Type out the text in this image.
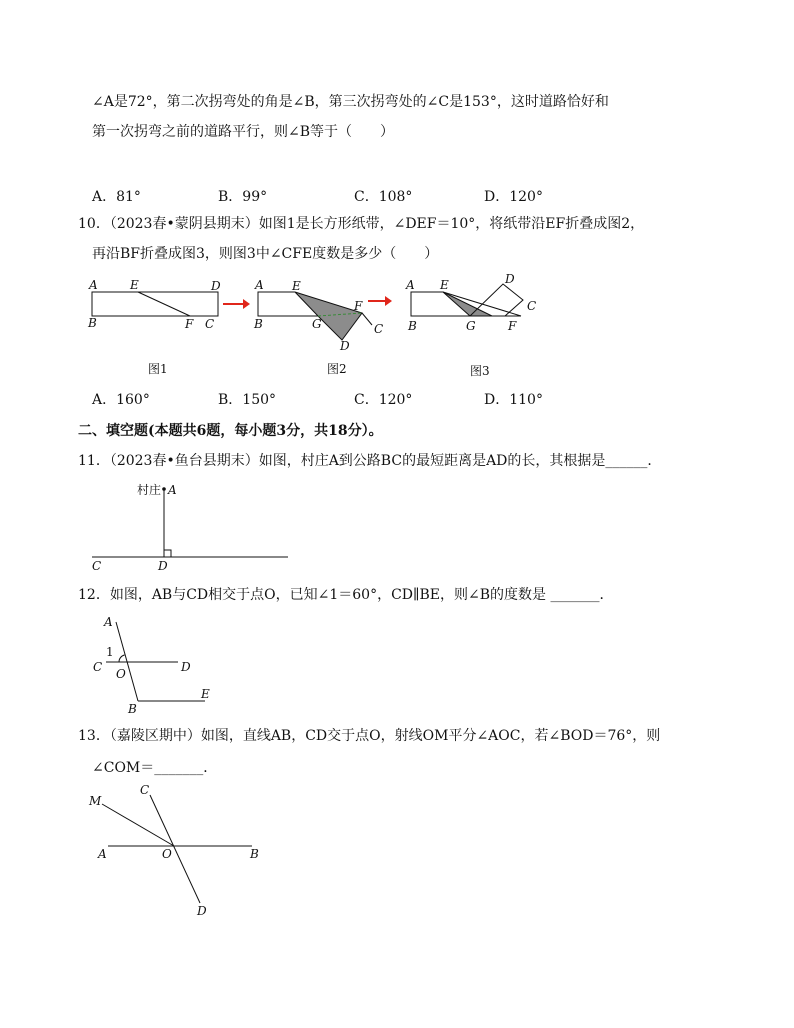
∠A是72°，第二次拐弯处的角是∠B，第三次拐弯处的∠C是153°，这时道路恰好和
第一次拐弯之前的道路平行，则∠B等于（　　）
A．81°	B．99°	C．108°	D．120°
10．（2023春•蒙阴县期末）如图1是长方形纸带，∠DEF＝10°，将纸带沿EF折叠成图2，
再沿BF折叠成图3，则图3中∠CFE度数是多少（　　）
A	E	D
B	F C
A E
F
B	G	C
D
A E	D
C
B	G	F
图1	图2	图3
A．160°	B．150°	C．120°	D．110°
二、填空题(本题共6题，每小题3分，共18分）。
11．（2023春•鱼台县期末）如图，村庄A到公路BC的最短距离是AD的长，其根据是______．
村庄 A
C	D
12．如图，AB与CD相交于点O，已知∠1＝60°，CD∥BE，则∠B的度数是 _______．
A
1
C O	D
E
B
13．（嘉陵区期中）如图，直线AB，CD交于点O，射线OM平分∠AOC，若∠BOD＝76°，则
∠COM＝_______．
C
M
A	O	B
D
